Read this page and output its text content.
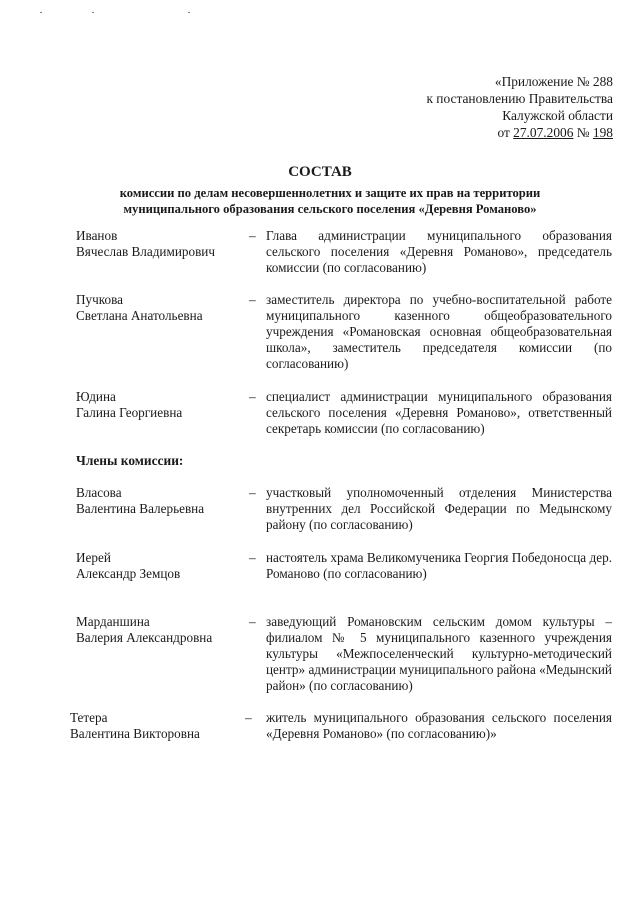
«Приложение № 288
к постановлению Правительства
Калужской области
от 27.07.2006 № 198
СОСТАВ
комиссии по делам несовершеннолетних и защите их прав на территории
муниципального образования сельского поселения «Деревня Романово»
Иванов
Вячеслав Владимирович
– Глава администрации муниципального образования сельского поселения «Деревня Романово», председатель комиссии (по согласованию)
Пучкова
Светлана Анатольевна
– заместитель директора по учебно-воспитательной работе муниципального казенного общеобразовательного учреждения «Романовская основная общеобразовательная школа», заместитель председателя комиссии (по согласованию)
Юдина
Галина Георгиевна
– специалист администрации муниципального образования сельского поселения «Деревня Романово», ответственный секретарь комиссии (по согласованию)
Члены комиссии:
Власова
Валентина Валерьевна
– участковый уполномоченный отделения Министерства внутренних дел Российской Федерации по Медынскому району (по согласованию)
Иерей
Александр Земцов
– настоятель храма Великомученика Георгия Победоносца дер. Романово (по согласованию)
Марданшина
Валерия Александровна
– заведующий Романовским сельским домом культуры – филиалом № 5 муниципального казенного учреждения культуры «Межпоселенческий культурно-методический центр» администрации муниципального района «Медынский район» (по согласованию)
Тетера
Валентина Викторовна
– житель муниципального образования сельского поселения «Деревня Романово» (по согласованию)»
